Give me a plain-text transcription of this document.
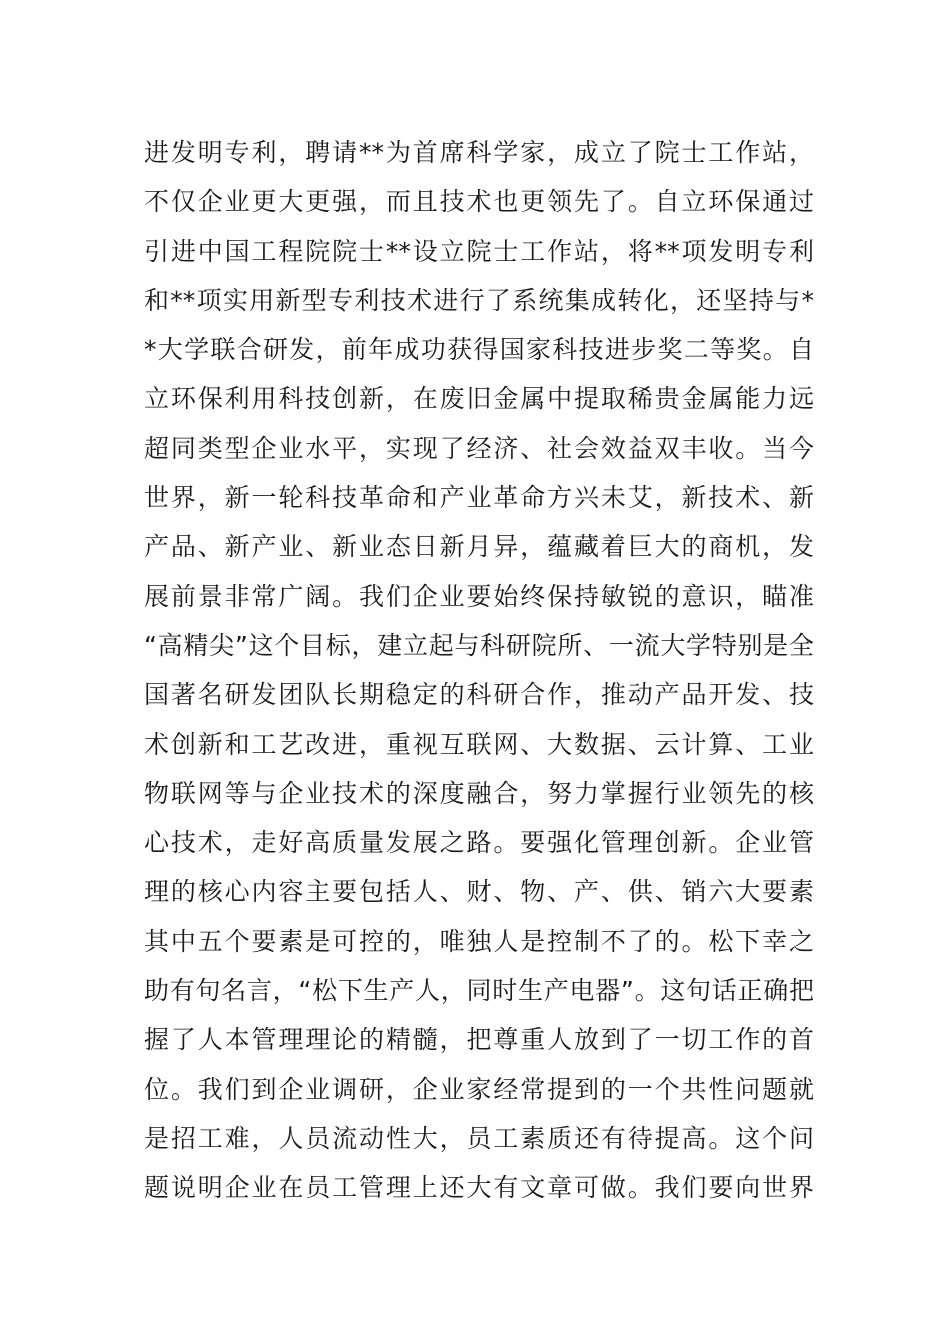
进发明专利，聘请**为首席科学家，成立了院士工作站，
不仅企业更大更强，而且技术也更领先了。自立环保通过
引进中国工程院院士**设立院士工作站，将**项发明专利
和**项实用新型专利技术进行了系统集成转化，还坚持与*
*大学联合研发，前年成功获得国家科技进步奖二等奖。自
立环保利用科技创新，在废旧金属中提取稀贵金属能力远
超同类型企业水平，实现了经济、社会效益双丰收。当今
世界，新一轮科技革命和产业革命方兴未艾，新技术、新
产品、新产业、新业态日新月异，蕴藏着巨大的商机，发
展前景非常广阔。我们企业要始终保持敏锐的意识，瞄准
“高精尖”这个目标，建立起与科研院所、一流大学特别是全
国著名研发团队长期稳定的科研合作，推动产品开发、技
术创新和工艺改进，重视互联网、大数据、云计算、工业
物联网等与企业技术的深度融合，努力掌握行业领先的核
心技术，走好高质量发展之路。要强化管理创新。企业管
理的核心内容主要包括人、财、物、产、供、销六大要素
其中五个要素是可控的，唯独人是控制不了的。松下幸之
助有句名言，“松下生产人，同时生产电器”。这句话正确把
握了人本管理理论的精髓，把尊重人放到了一切工作的首
位。我们到企业调研，企业家经常提到的一个共性问题就
是招工难，人员流动性大，员工素质还有待提高。这个问
题说明企业在员工管理上还大有文章可做。我们要向世界
